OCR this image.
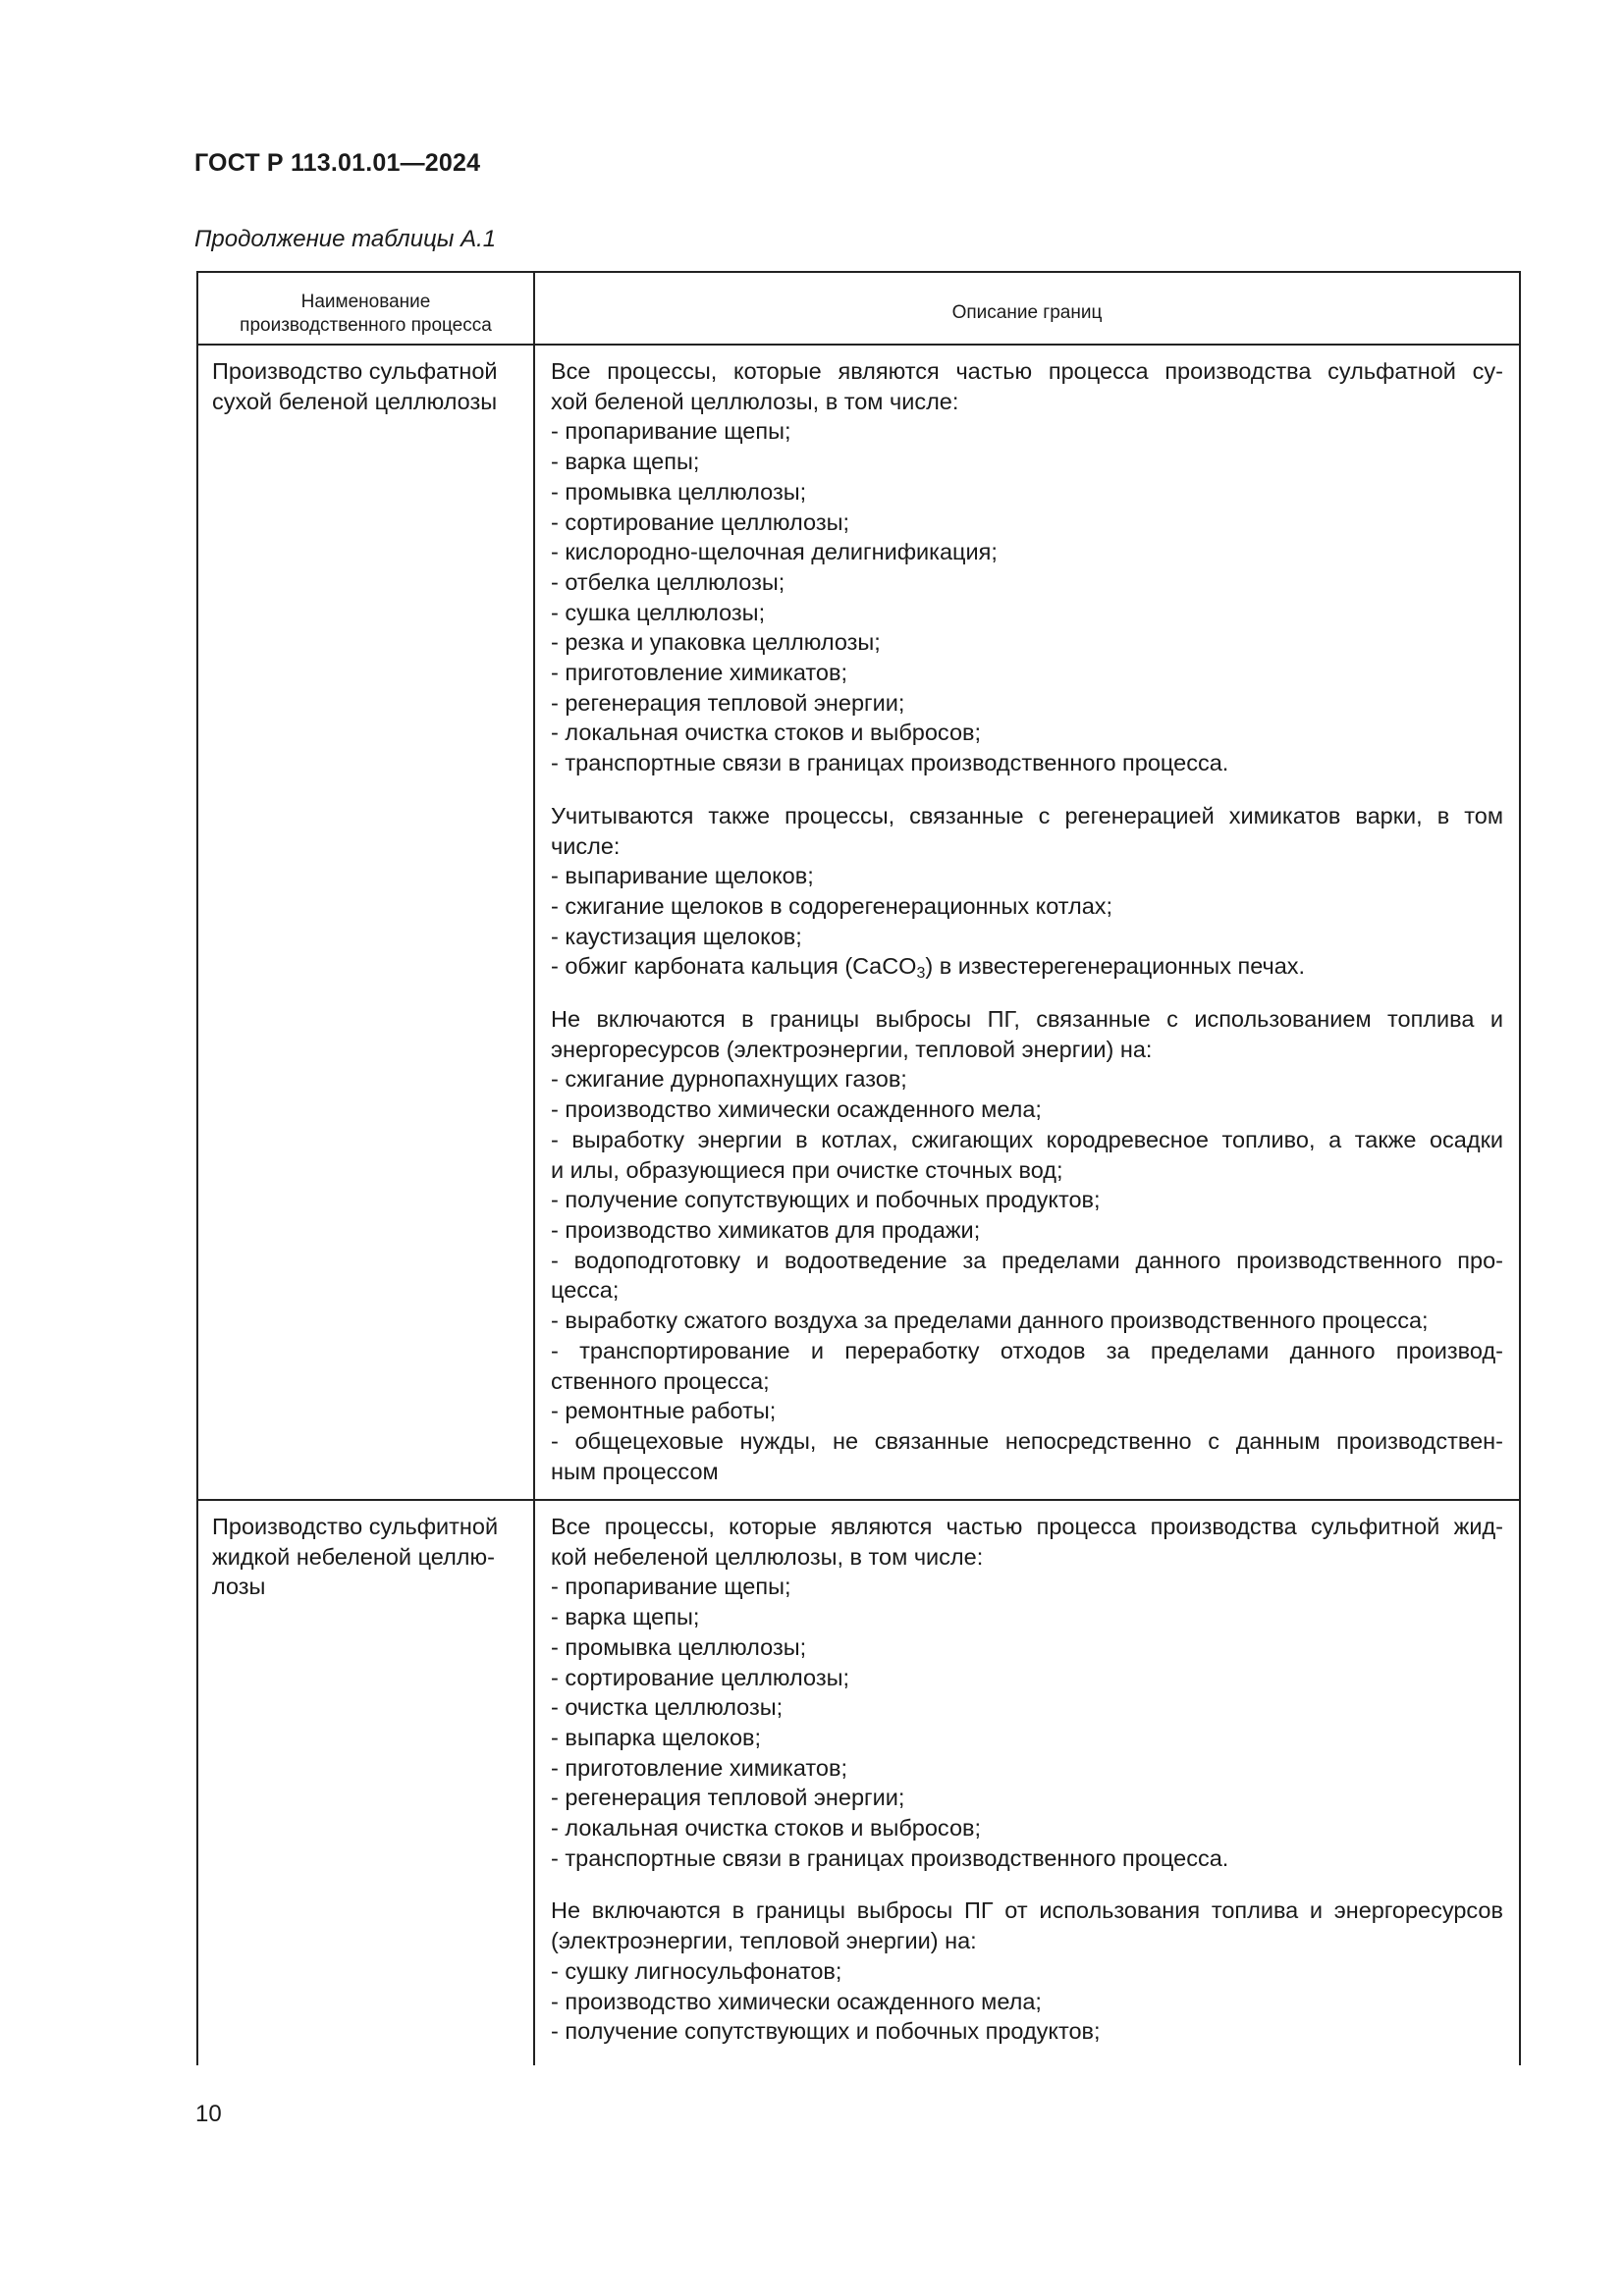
ГОСТ Р 113.01.01—2024
Продолжение таблицы А.1
Наименование
производственного процесса
Описание границ
Производство сульфатной
сухой беленой целлюлозы

Все процессы, которые являются частью процесса производства сульфатной су-

хой беленой целлюлозы, в том числе:

- пропаривание щепы;
- варка щепы;
- промывка целлюлозы;
- сортирование целлюлозы;
- кислородно-щелочная делигнификация;
- отбелка целлюлозы;
- сушка целлюлозы;
- резка и упаковка целлюлозы;
- приготовление химикатов;
- регенерация тепловой энергии;
- локальная очистка стоков и выбросов;
- транспортные связи в границах производственного процесса.

Учитываются также процессы, связанные с регенерацией химикатов варки, в том

числе:

- выпаривание щелоков;
- сжигание щелоков в содорегенерационных котлах;
- каустизация щелоков;
- обжиг карбоната кальция (CaCO$_3$) в известерегенерационных печах.

Не включаются в границы выбросы ПГ, связанные с использованием топлива и

энергоресурсов (электроэнергии, тепловой энергии) на:

- сжигание дурнопахнущих газов;
- производство химически осажденного мела;
- выработку энергии в котлах, сжигающих кородревесное топливо, а также осадки
и илы, образующиеся при очистке сточных вод;
- получение сопутствующих и побочных продуктов;
- производство химикатов для продажи;
- водоподготовку и водоотведение за пределами данного производственного про-
цесса;
- выработку сжатого воздуха за пределами данного производственного процесса;
- транспортирование и переработку отходов за пределами данного производ-
ственного процесса;
- ремонтные работы;
- общецеховые нужды, не связанные непосредственно с данным производствен-
ным процессом
Производство сульфитной
жидкой небеленой целлю-
лозы

Все процессы, которые являются частью процесса производства сульфитной жид-

кой небеленой целлюлозы, в том числе:

- пропаривание щепы;
- варка щепы;
- промывка целлюлозы;
- сортирование целлюлозы;
- очистка целлюлозы;
- выпарка щелоков;
- приготовление химикатов;
- регенерация тепловой энергии;
- локальная очистка стоков и выбросов;
- транспортные связи в границах производственного процесса.

Не включаются в границы выбросы ПГ от использования топлива и энергоресурсов

(электроэнергии, тепловой энергии) на:

- сушку лигносульфонатов;
- производство химически осажденного мела;
- получение сопутствующих и побочных продуктов;
10
